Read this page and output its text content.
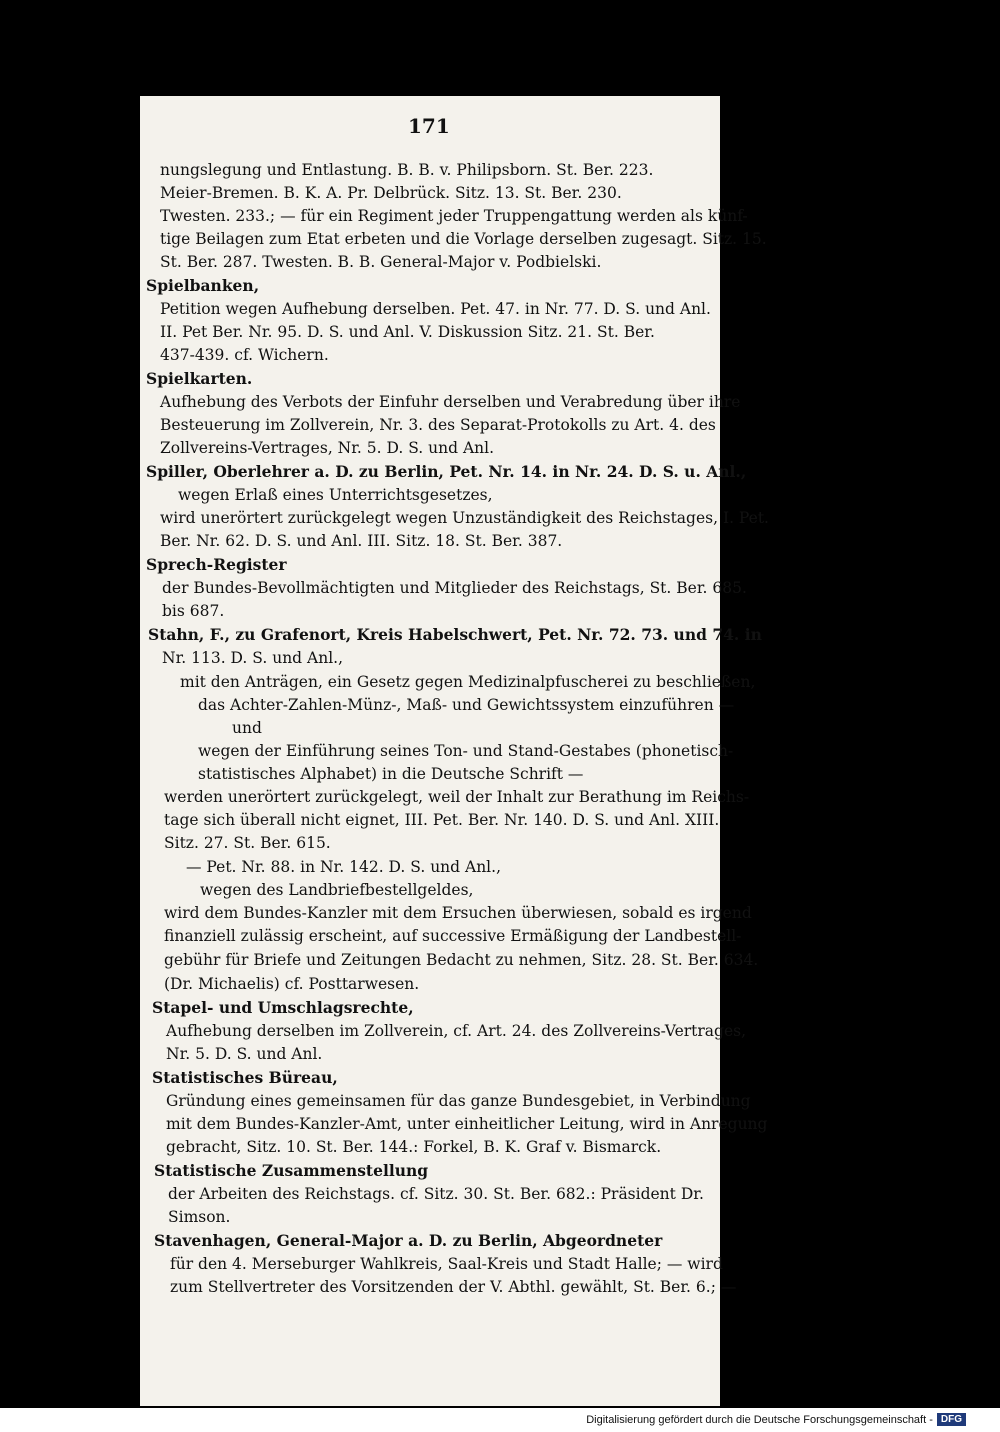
171
nungslegung und Entlastung. B. B. v. Philipsborn. St. Ber. 223.
Meier-Bremen. B. K. A. Pr. Delbrück. Sitz. 13. St. Ber. 230.
Twesten. 233.; — für ein Regiment jeder Truppengattung werden als künf-
tige Beilagen zum Etat erbeten und die Vorlage derselben zugesagt. Sitz. 15.
St. Ber. 287. Twesten. B. B. General-Major v. Podbielski.
Spielbanken,
Petition wegen Aufhebung derselben. Pet. 47. in Nr. 77. D. S. und Anl.
II. Pet Ber. Nr. 95. D. S. und Anl. V. Diskussion Sitz. 21. St. Ber.
437-439. cf. Wichern.
Spielkarten.
Aufhebung des Verbots der Einfuhr derselben und Verabredung über ihre
Besteuerung im Zollverein, Nr. 3. des Separat-Protokolls zu Art. 4. des
Zollvereins-Vertrages, Nr. 5. D. S. und Anl.
Spiller, Oberlehrer a. D. zu Berlin, Pet. Nr. 14. in Nr. 24. D. S. u. Anl.,
wegen Erlaß eines Unterrichtsgesetzes,
wird unerörtert zurückgelegt wegen Unzuständigkeit des Reichstages, I. Pet.
Ber. Nr. 62. D. S. und Anl. III. Sitz. 18. St. Ber. 387.
Sprech-Register
der Bundes-Bevollmächtigten und Mitglieder des Reichstags, St. Ber. 685.
bis 687.
Stahn, F., zu Grafenort, Kreis Habelschwert, Pet. Nr. 72. 73. und 74. in
Nr. 113. D. S. und Anl.,
mit den Anträgen, ein Gesetz gegen Medizinalpfuscherei zu beschließen,
das Achter-Zahlen-Münz-, Maß- und Gewichtssystem einzuführen —
und
wegen der Einführung seines Ton- und Stand-Gestabes (phonetisch-
statistisches Alphabet) in die Deutsche Schrift —
werden unerörtert zurückgelegt, weil der Inhalt zur Berathung im Reichs-
tage sich überall nicht eignet, III. Pet. Ber. Nr. 140. D. S. und Anl. XIII.
Sitz. 27. St. Ber. 615.
— Pet. Nr. 88. in Nr. 142. D. S. und Anl.,
wegen des Landbriefbestellgeldes,
wird dem Bundes-Kanzler mit dem Ersuchen überwiesen, sobald es irgend
finanziell zulässig erscheint, auf successive Ermäßigung der Landbestell-
gebühr für Briefe und Zeitungen Bedacht zu nehmen, Sitz. 28. St. Ber. 634.
(Dr. Michaelis) cf. Posttarwesen.
Stapel- und Umschlagsrechte,
Aufhebung derselben im Zollverein, cf. Art. 24. des Zollvereins-Vertrages,
Nr. 5. D. S. und Anl.
Statistisches Büreau,
Gründung eines gemeinsamen für das ganze Bundesgebiet, in Verbindung
mit dem Bundes-Kanzler-Amt, unter einheitlicher Leitung, wird in Anregung
gebracht, Sitz. 10. St. Ber. 144.: Forkel, B. K. Graf v. Bismarck.
Statistische Zusammenstellung
der Arbeiten des Reichstags. cf. Sitz. 30. St. Ber. 682.: Präsident Dr.
Simson.
Stavenhagen, General-Major a. D. zu Berlin, Abgeordneter
für den 4. Merseburger Wahlkreis, Saal-Kreis und Stadt Halle; — wird
zum Stellvertreter des Vorsitzenden der V. Abthl. gewählt, St. Ber. 6.; —
Digitalisierung gefördert durch die Deutsche Forschungsgemeinschaft - DFG
